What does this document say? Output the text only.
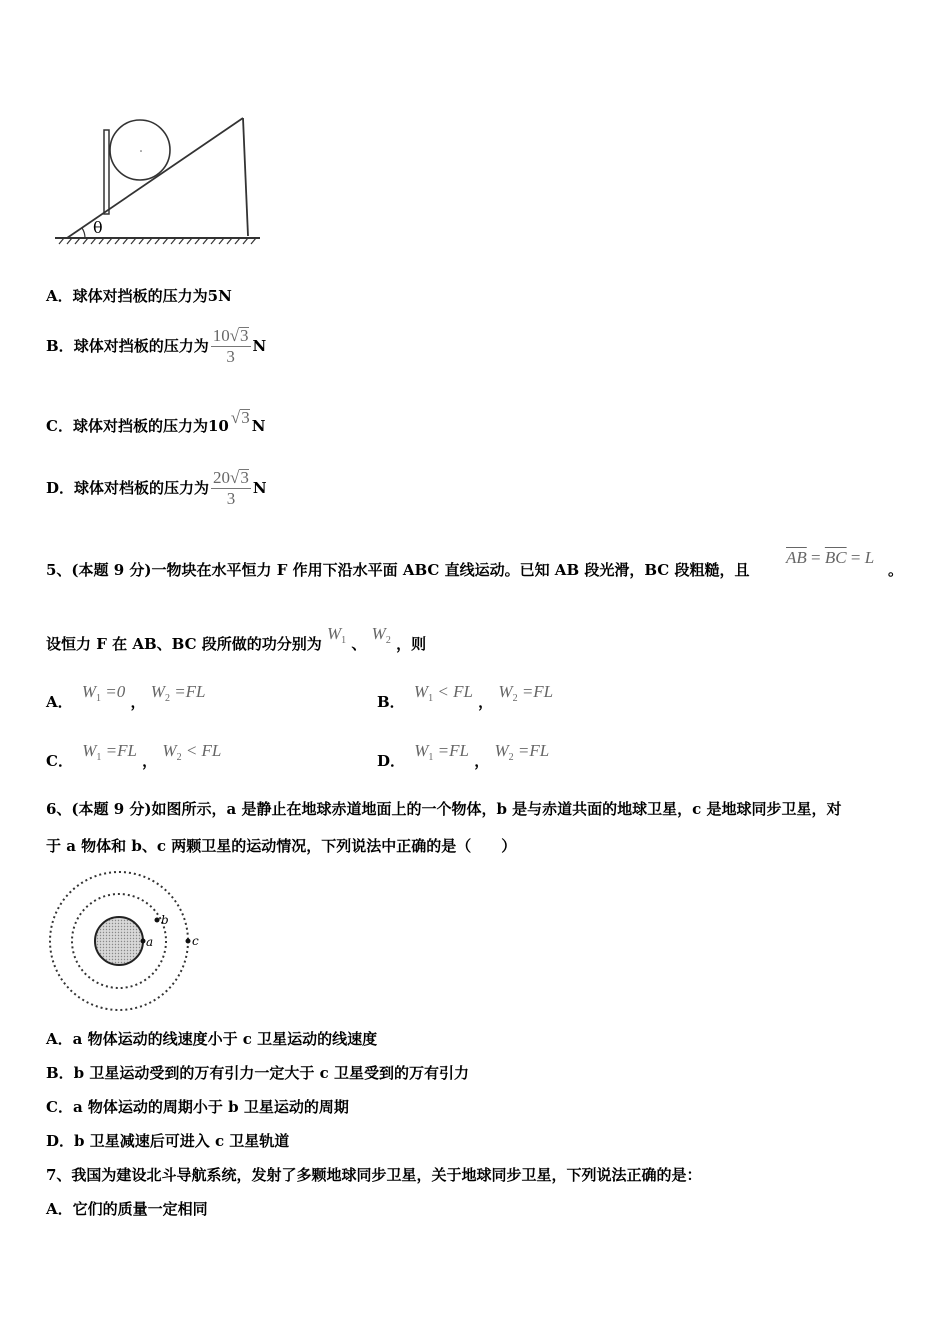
θ
A．球体对挡板的压力为5N
B． 球体对挡板的压力为 $\frac{10√3}{3}$ N
C． 球体对挡板的压力为 10 √3 N
D． 球体对档板的压力为 $\frac{20√3}{3}$ N
5、(本题 9 分)一物块在水平恒力 F 作用下沿水平面 ABC 直线运动。已知 AB 段光滑，BC 段粗糙，且
$\overline{AB} = \overline{BC} = L$
。
设恒力 F 在 AB、BC 段所做的功分别为 $W_1$ 、 $W_2$ ，则
A． $W_1 =0$ ， $W_2 =FL$
B． $W_1$ < FL ， $W_2 =FL$
C． $W_1 =FL$ ， $W_2$ < FL
D． $W_1 =FL$ ， $W_2 =FL$
6、(本题 9 分)如图所示，a 是静止在地球赤道地面上的一个物体，b 是与赤道共面的地球卫星，c 是地球同步卫星，对
于 a 物体和 b、c 两颗卫星的运动情况，下列说法中正确的是（　　）
a
b
c
A．a 物体运动的线速度小于 c 卫星运动的线速度
B．b 卫星运动受到的万有引力一定大于 c 卫星受到的万有引力
C．a 物体运动的周期小于 b 卫星运动的周期
D．b 卫星减速后可进入 c 卫星轨道
7、我国为建设北斗导航系统，发射了多颗地球同步卫星，关于地球同步卫星，下列说法正确的是：
A．它们的质量一定相同
